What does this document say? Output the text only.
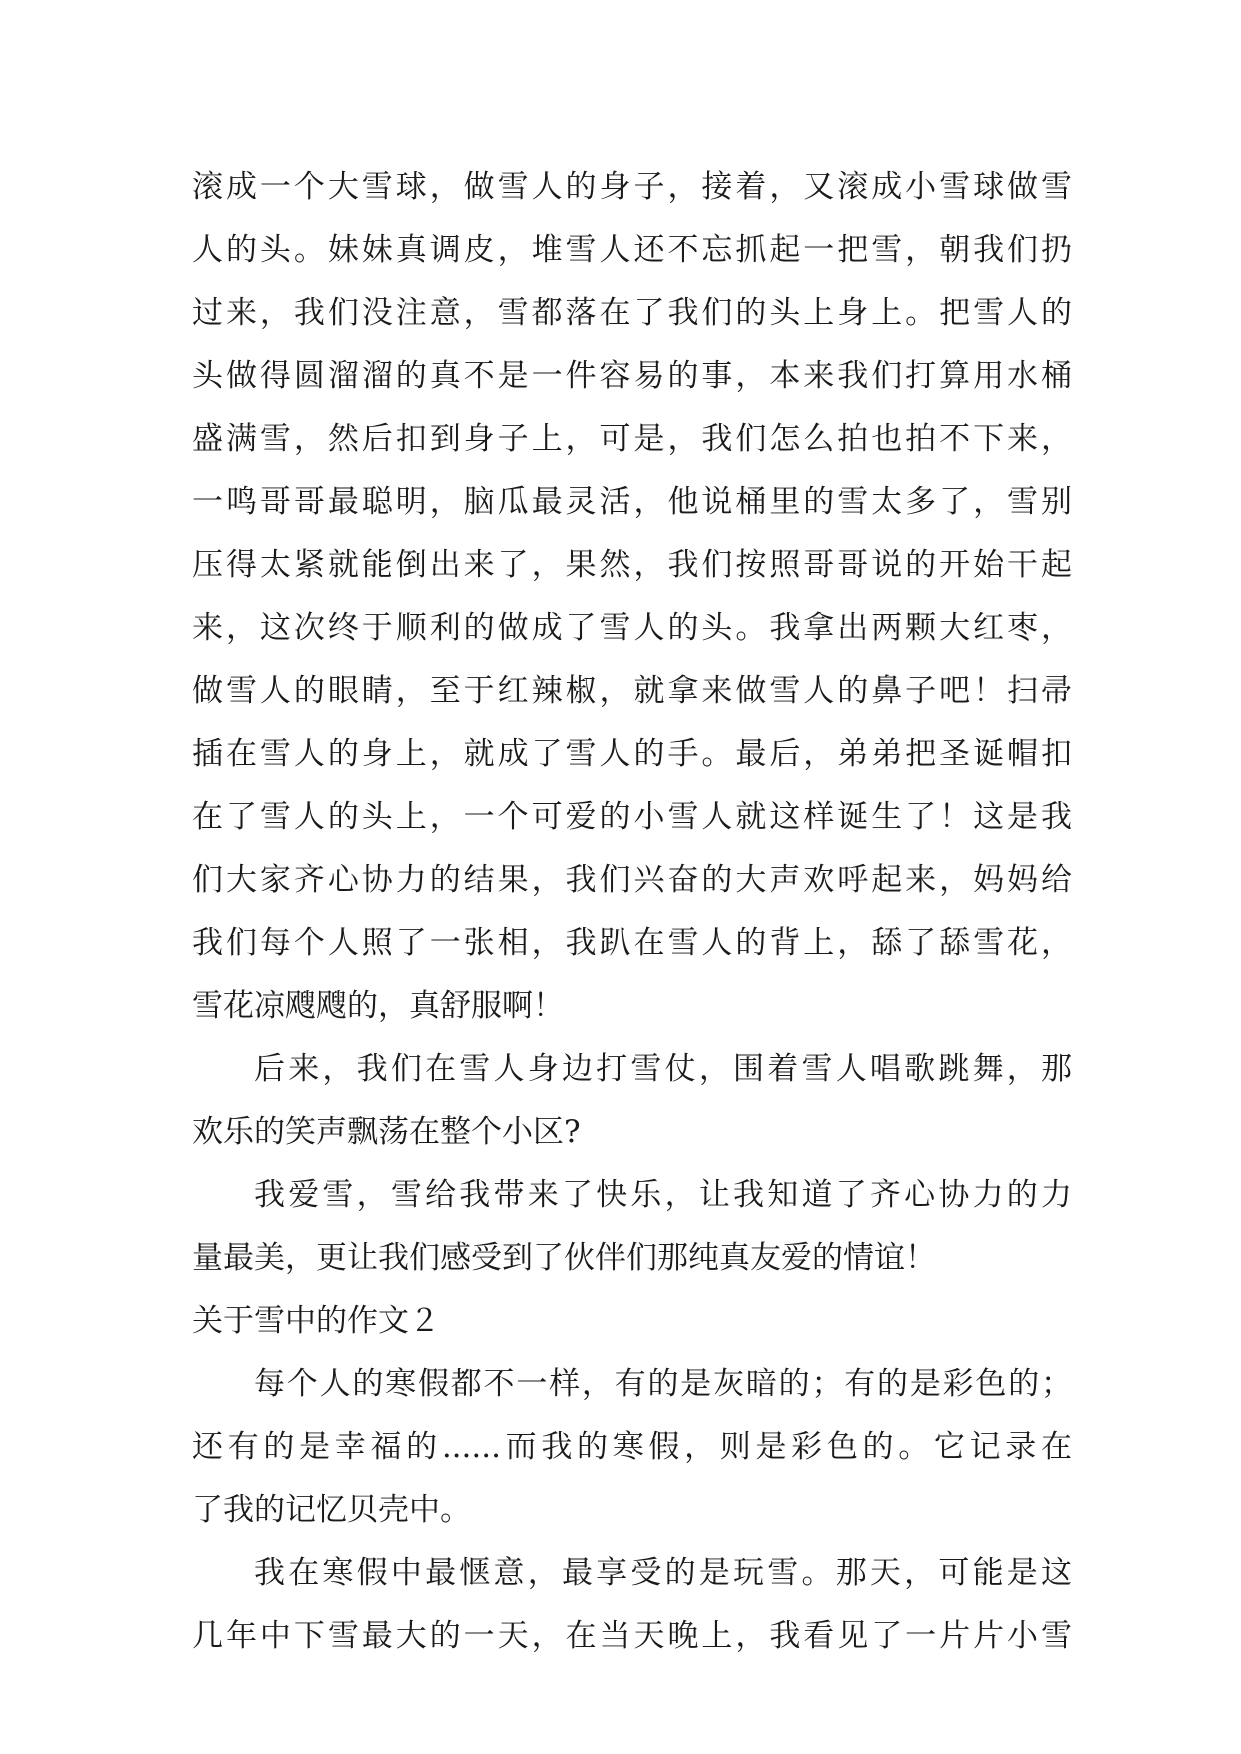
滚成一个大雪球，做雪人的身子，接着，又滚成小雪球做雪
人的头。妹妹真调皮，堆雪人还不忘抓起一把雪，朝我们扔
过来，我们没注意，雪都落在了我们的头上身上。把雪人的
头做得圆溜溜的真不是一件容易的事，本来我们打算用水桶
盛满雪，然后扣到身子上，可是，我们怎么拍也拍不下来，
一鸣哥哥最聪明，脑瓜最灵活，他说桶里的雪太多了，雪别
压得太紧就能倒出来了，果然，我们按照哥哥说的开始干起
来，这次终于顺利的做成了雪人的头。我拿出两颗大红枣，
做雪人的眼睛，至于红辣椒，就拿来做雪人的鼻子吧！扫帚
插在雪人的身上，就成了雪人的手。最后，弟弟把圣诞帽扣
在了雪人的头上，一个可爱的小雪人就这样诞生了！这是我
们大家齐心协力的结果，我们兴奋的大声欢呼起来，妈妈给
我们每个人照了一张相，我趴在雪人的背上，舔了舔雪花，
雪花凉飕飕的，真舒服啊！
后来，我们在雪人身边打雪仗，围着雪人唱歌跳舞，那
欢乐的笑声飘荡在整个小区?
我爱雪，雪给我带来了快乐，让我知道了齐心协力的力
量最美，更让我们感受到了伙伴们那纯真友爱的情谊！
关于雪中的作文２
每个人的寒假都不一样，有的是灰暗的；有的是彩色的；
还有的是幸福的......而我的寒假，则是彩色的。它记录在
了我的记忆贝壳中。
我在寒假中最惬意，最享受的是玩雪。那天，可能是这
几年中下雪最大的一天，在当天晚上，我看见了一片片小雪
